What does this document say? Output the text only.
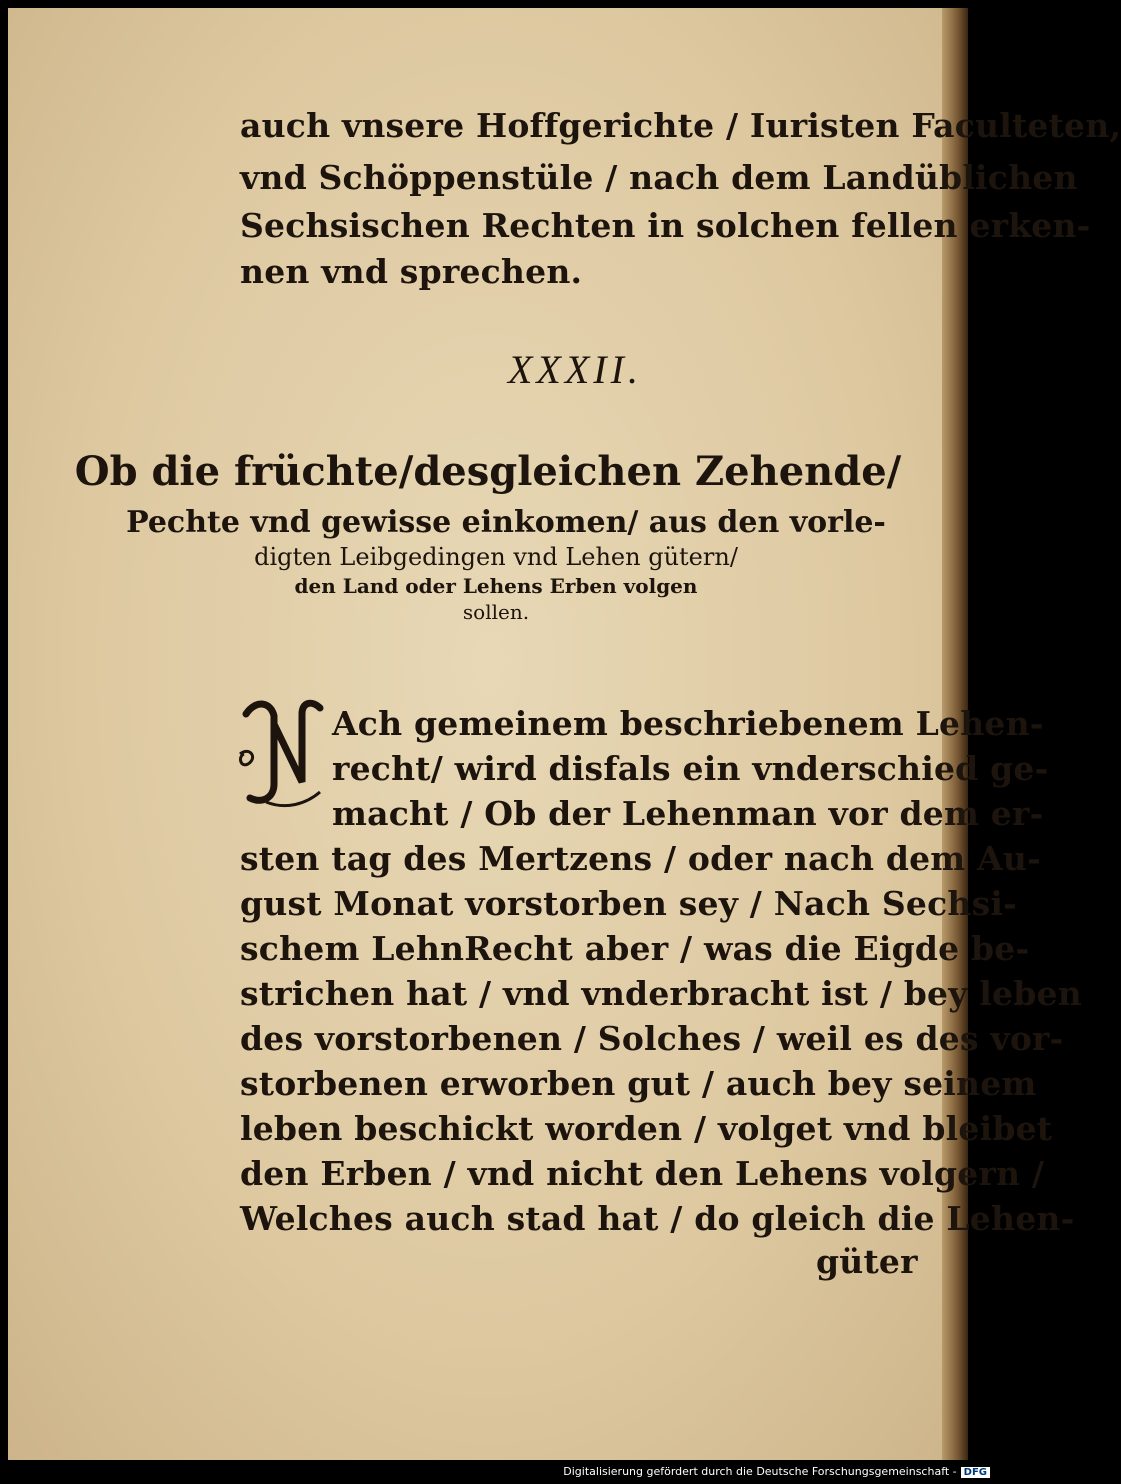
auch vnsere Hoffgerichte / Iuristen Faculteten,
vnd Schöppenstüle / nach dem Landüblichen
Sechsischen Rechten in solchen fellen erken-
nen vnd sprechen.
XXXII.
Ob die früchte/desgleichen Zehende/
Pechte vnd gewisse einkomen/ aus den vorle-
digten Leibgedingen vnd Lehen gütern/
den Land oder Lehens Erben volgen
sollen.
N
Ach gemeinem beschriebenem Lehen-
recht/ wird disfals ein vnderschied ge-
macht / Ob der Lehenman vor dem er-
sten tag des Mertzens / oder nach dem Au-
gust Monat vorstorben sey / Nach Sechsi-
schem LehnRecht aber / was die Eigde be-
strichen hat / vnd vnderbracht ist / bey leben
des vorstorbenen / Solches / weil es des vor-
storbenen erworben gut / auch bey seinem
leben beschickt worden / volget vnd bleibet
den Erben / vnd nicht den Lehens volgern /
Welches auch stad hat / do gleich die Lehen-
güter
Digitalisierung gefördert durch die Deutsche Forschungsgemeinschaft - DFG
